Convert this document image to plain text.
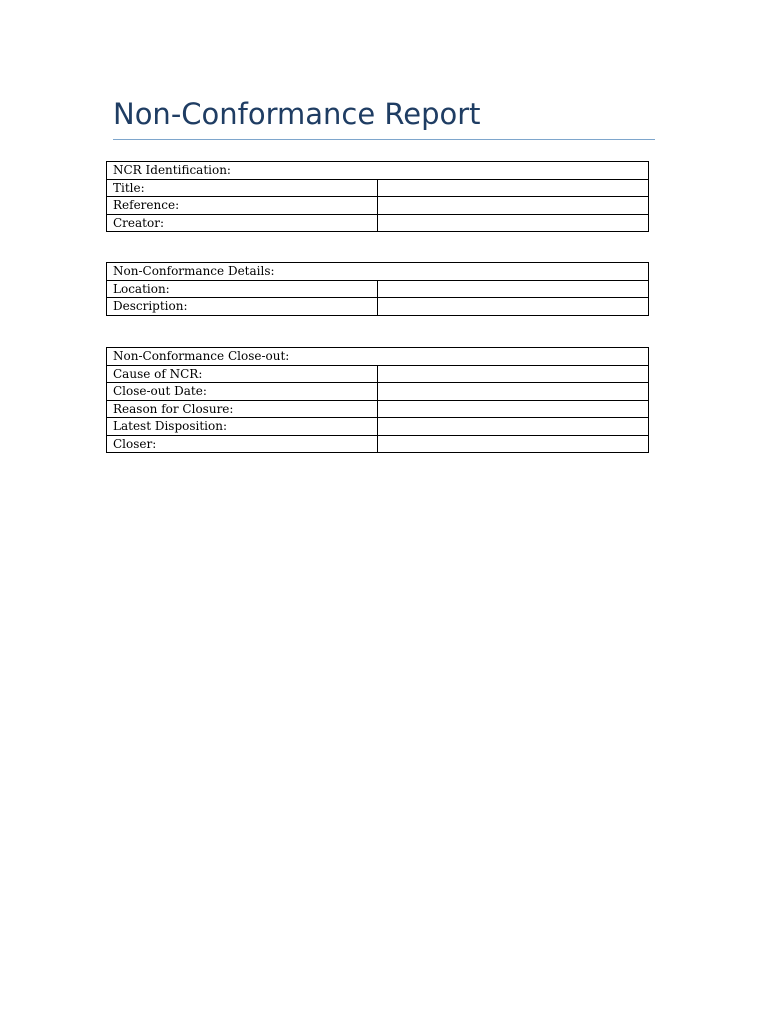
Non-Conformance Report
NCR Identification:	
Title:	
Reference:	
Creator:	
Non-Conformance Details:	
Location:	
Description:	
Non-Conformance Close-out:	
Cause of NCR:	
Close-out Date:	
Reason for Closure:	
Latest Disposition:	
Closer:	
